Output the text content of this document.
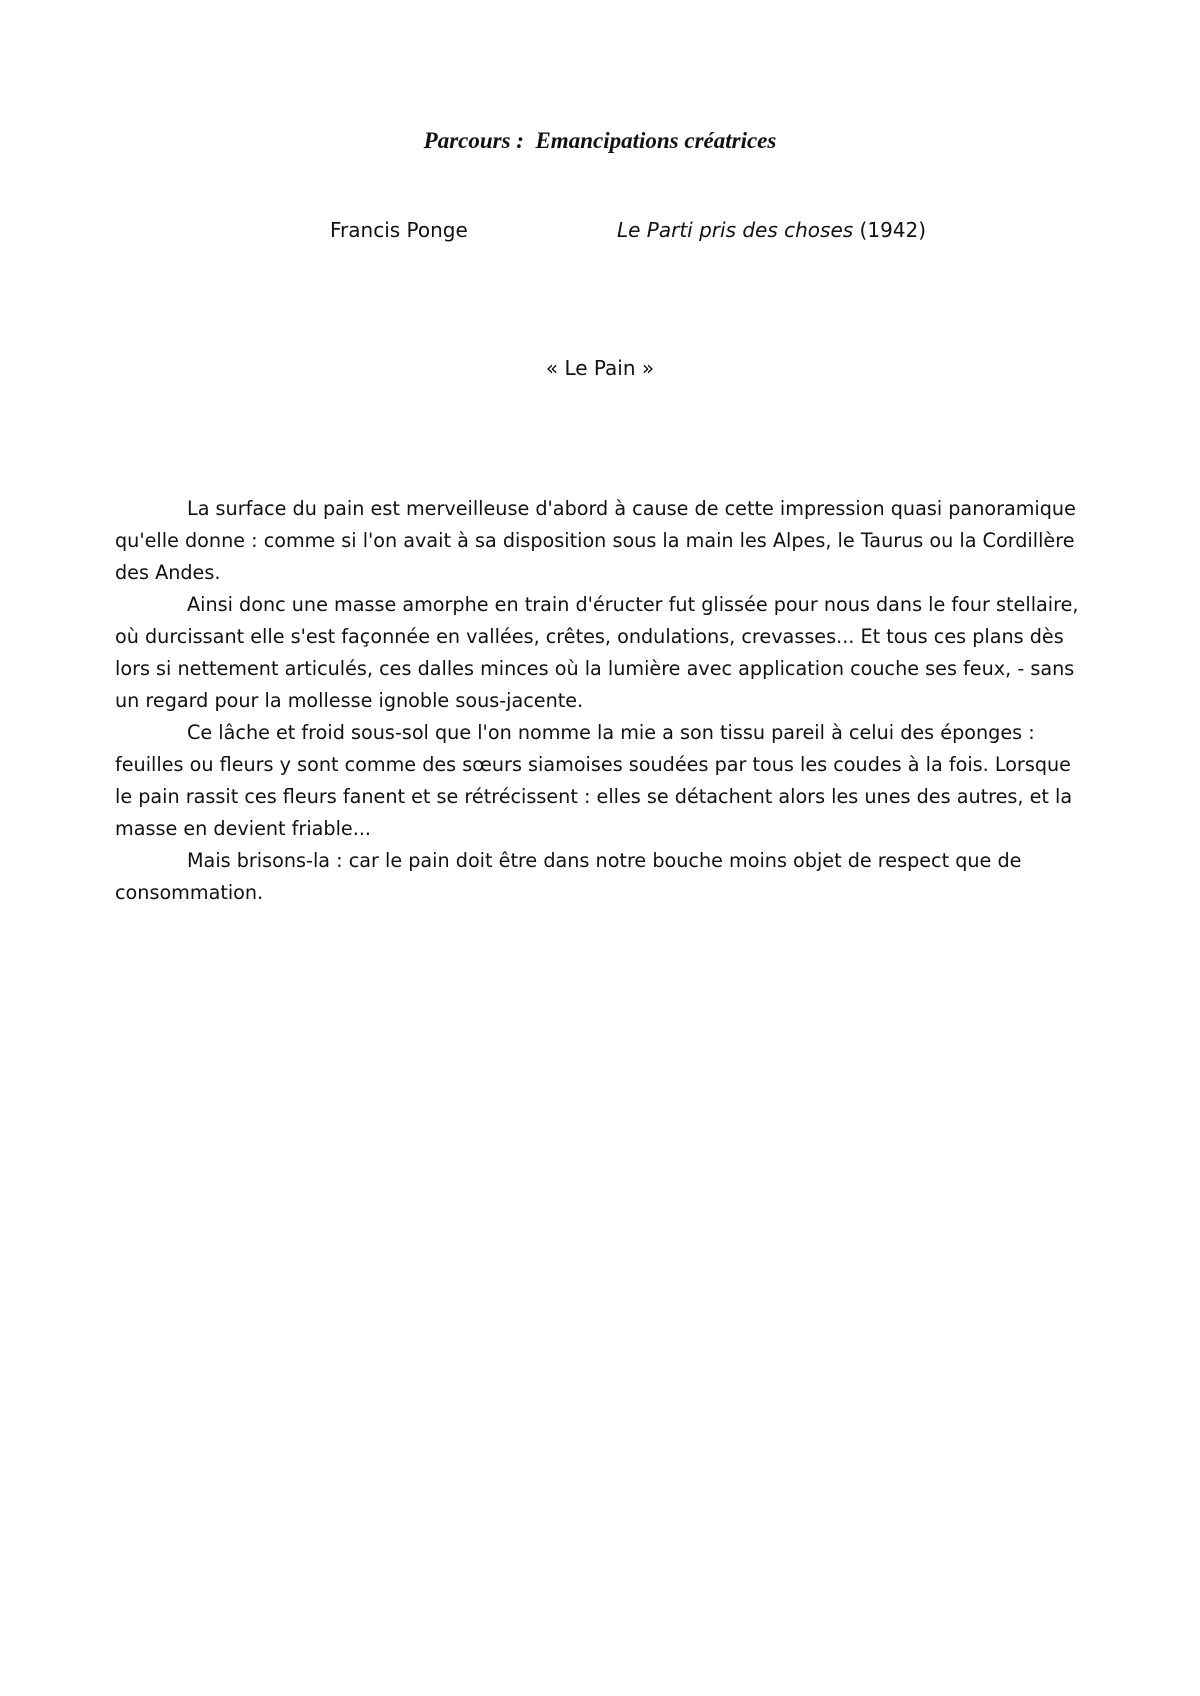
Parcours : Emancipations créatrices
Francis Ponge	Le Parti pris des choses (1942)
« Le Pain »

La surface du pain est merveilleuse d'abord à cause de cette impression quasi panoramique qu'elle donne : comme si l'on avait à sa disposition sous la main les Alpes, le Taurus ou la Cordillère des Andes.

Ainsi donc une masse amorphe en train d'éructer fut glissée pour nous dans le four stellaire, où durcissant elle s'est façonnée en vallées, crêtes, ondulations, crevasses... Et tous ces plans dès lors si nettement articulés, ces dalles minces où la lumière avec application couche ses feux, - sans un regard pour la mollesse ignoble sous-jacente.

Ce lâche et froid sous-sol que l'on nomme la mie a son tissu pareil à celui des éponges : feuilles ou fleurs y sont comme des sœurs siamoises soudées par tous les coudes à la fois. Lorsque le pain rassit ces fleurs fanent et se rétrécissent : elles se détachent alors les unes des autres, et la masse en devient friable...

Mais brisons-la : car le pain doit être dans notre bouche moins objet de respect que de consommation.
